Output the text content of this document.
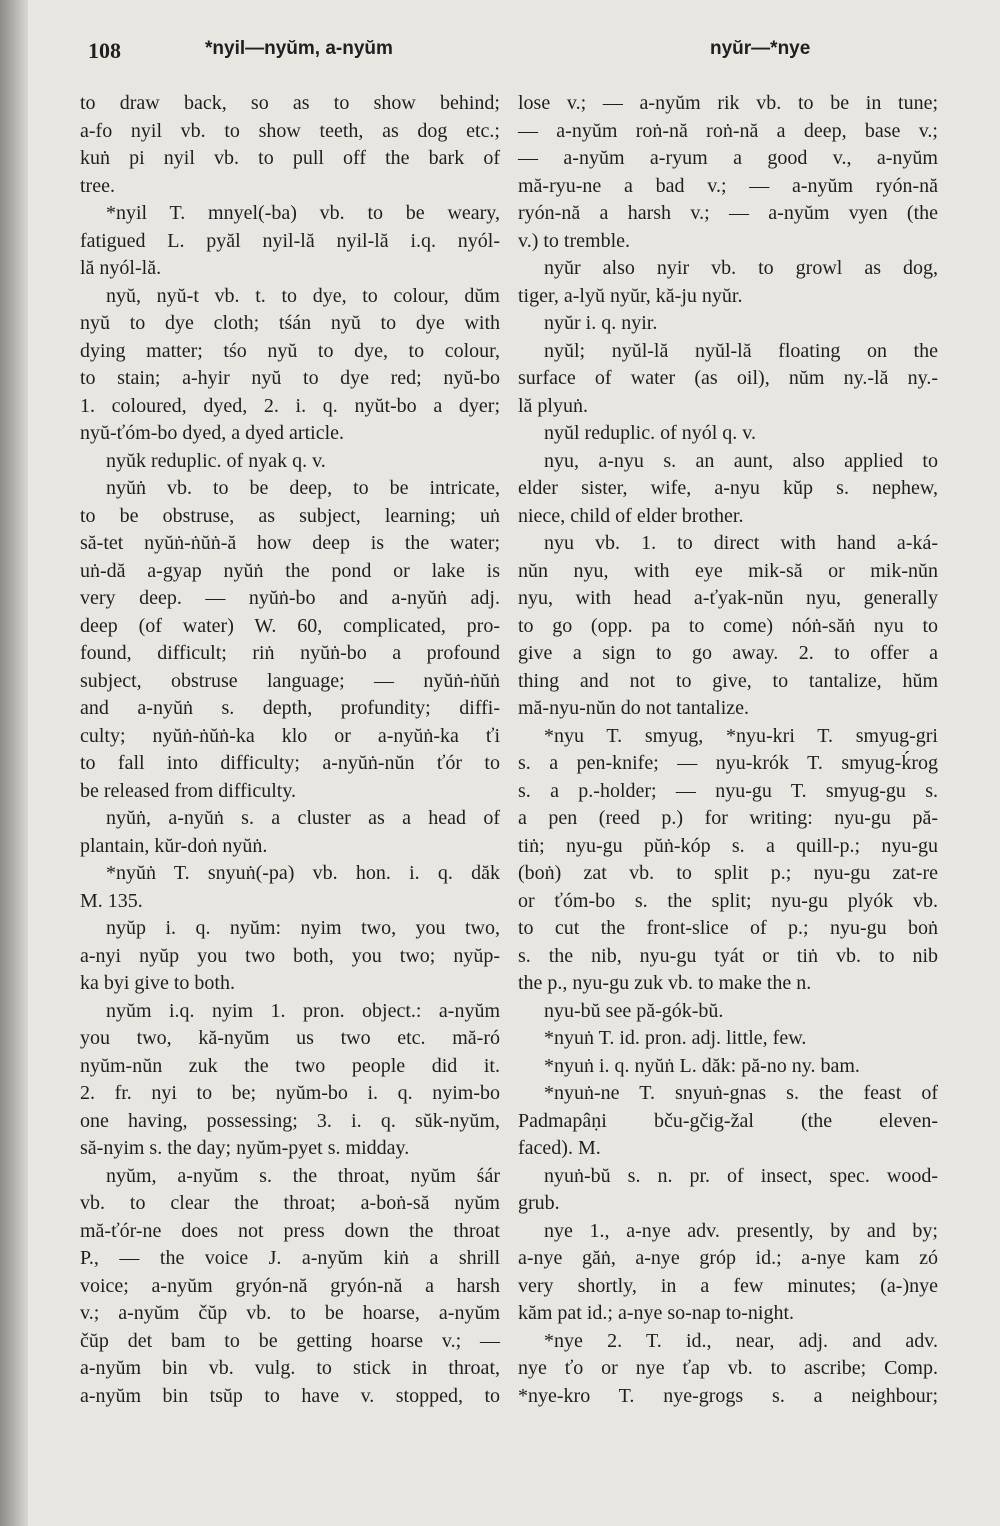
108	*nyil—nyŭm, a-nyŭm	nyŭr—*nye
to draw back, so as to show behind;
a-fo nyil vb. to show teeth, as dog etc.;
kuṅ pi nyil vb. to pull off the bark of
tree.
*nyil T. mnyel(-ba) vb. to be weary,
fatigued L. pyăl nyil-lă nyil-lă i.q. nyól-
lă nyól-lă.
nyŭ, nyŭ-t vb. t. to dye, to colour, dŭm
nyŭ to dye cloth; tśán nyŭ to dye with
dying matter; tśo nyŭ to dye, to colour,
to stain; a-hyir nyŭ to dye red; nyŭ-bo
1. coloured, dyed, 2. i. q. nyŭt-bo a dyer;
nyŭ-ťóm-bo dyed, a dyed article.
nyŭk reduplic. of nyak q. v.
nyŭṅ vb. to be deep, to be intricate,
to be obstruse, as subject, learning; uṅ
să-tet nyŭṅ-ṅŭṅ-ă how deep is the water;
uṅ-dă a-gyap nyŭṅ the pond or lake is
very deep. — nyŭṅ-bo and a-nyŭṅ adj.
deep (of water) W. 60, complicated, pro-
found, difficult; riṅ nyŭṅ-bo a profound
subject, obstruse language; — nyŭṅ-ṅŭṅ
and a-nyŭṅ s. depth, profundity; diffi-
culty; nyŭṅ-ṅŭṅ-ka klo or a-nyŭṅ-ka ťi
to fall into difficulty; a-nyŭṅ-nŭn ťór to
be released from difficulty.
nyŭṅ, a-nyŭṅ s. a cluster as a head of
plantain, kŭr-doṅ nyŭṅ.
*nyŭṅ T. snyuṅ(-pa) vb. hon. i. q. dăk
M. 135.
nyŭp i. q. nyŭm: nyim two, you two,
a-nyi nyŭp you two both, you two; nyŭp-
ka byi give to both.
nyŭm i.q. nyim 1. pron. object.: a-nyŭm
you two, kă-nyŭm us two etc. mă-ró
nyŭm-nŭn zuk the two people did it.
2. fr. nyi to be; nyŭm-bo i. q. nyim-bo
one having, possessing; 3. i. q. sŭk-nyŭm,
să-nyim s. the day; nyŭm-pyet s. midday.
nyŭm, a-nyŭm s. the throat, nyŭm śár
vb. to clear the throat; a-boṅ-să nyŭm
mă-ťór-ne does not press down the throat
P., — the voice J. a-nyŭm kiṅ a shrill
voice; a-nyŭm gryón-nă gryón-nă a harsh
v.; a-nyŭm čŭp vb. to be hoarse, a-nyŭm
čŭp det bam to be getting hoarse v.; —
a-nyŭm bin vb. vulg. to stick in throat,
a-nyŭm bin tsŭp to have v. stopped, to
lose v.; — a-nyŭm rik vb. to be in tune;
— a-nyŭm roṅ-nă roṅ-nă a deep, base v.;
— a-nyŭm a-ryum a good v., a-nyŭm
mă-ryu-ne a bad v.; — a-nyŭm ryón-nă
ryón-nă a harsh v.; — a-nyŭm vyen (the
v.) to tremble.
nyŭr also nyir vb. to growl as dog,
tiger, a-lyŭ nyŭr, kă-ju nyŭr.
nyŭr i. q. nyir.
nyŭl; nyŭl-lă nyŭl-lă floating on the
surface of water (as oil), nŭm ny.-lă ny.-
lă plyuṅ.
nyŭl reduplic. of nyól q. v.
nyu, a-nyu s. an aunt, also applied to
elder sister, wife, a-nyu kŭp s. nephew,
niece, child of elder brother.
nyu vb. 1. to direct with hand a-ká-
nŭn nyu, with eye mik-să or mik-nŭn
nyu, with head a-ťyak-nŭn nyu, generally
to go (opp. pa to come) nóṅ-săṅ nyu to
give a sign to go away. 2. to offer a
thing and not to give, to tantalize, hŭm
mă-nyu-nŭn do not tantalize.
*nyu T. smyug, *nyu-kri T. smyug-gri
s. a pen-knife; — nyu-krók T. smyug-ḱrog
s. a p.-holder; — nyu-gu T. smyug-gu s.
a pen (reed p.) for writing: nyu-gu pă-
tiṅ; nyu-gu pŭṅ-kóp s. a quill-p.; nyu-gu
(boṅ) zat vb. to split p.; nyu-gu zat-re
or ťóm-bo s. the split; nyu-gu plyók vb.
to cut the front-slice of p.; nyu-gu boṅ
s. the nib, nyu-gu tyát or tiṅ vb. to nib
the p., nyu-gu zuk vb. to make the n.
nyu-bŭ see pă-gók-bŭ.
*nyuṅ T. id. pron. adj. little, few.
*nyuṅ i. q. nyŭṅ L. dăk: pă-no ny. bam.
*nyuṅ-ne T. snyuṅ-gnas s. the feast of
Padmapâṇi bču-gčig-žal (the eleven-
faced). M.
nyuṅ-bŭ s. n. pr. of insect, spec. wood-
grub.
nye 1., a-nye adv. presently, by and by;
a-nye găṅ, a-nye gróp id.; a-nye kam zó
very shortly, in a few minutes; (a-)nye
kăm pat id.; a-nye so-nap to-night.
*nye 2. T. id., near, adj. and adv.
nye ťo or nye ťap vb. to ascribe; Comp.
*nye-kro T. nye-grogs s. a neighbour;
